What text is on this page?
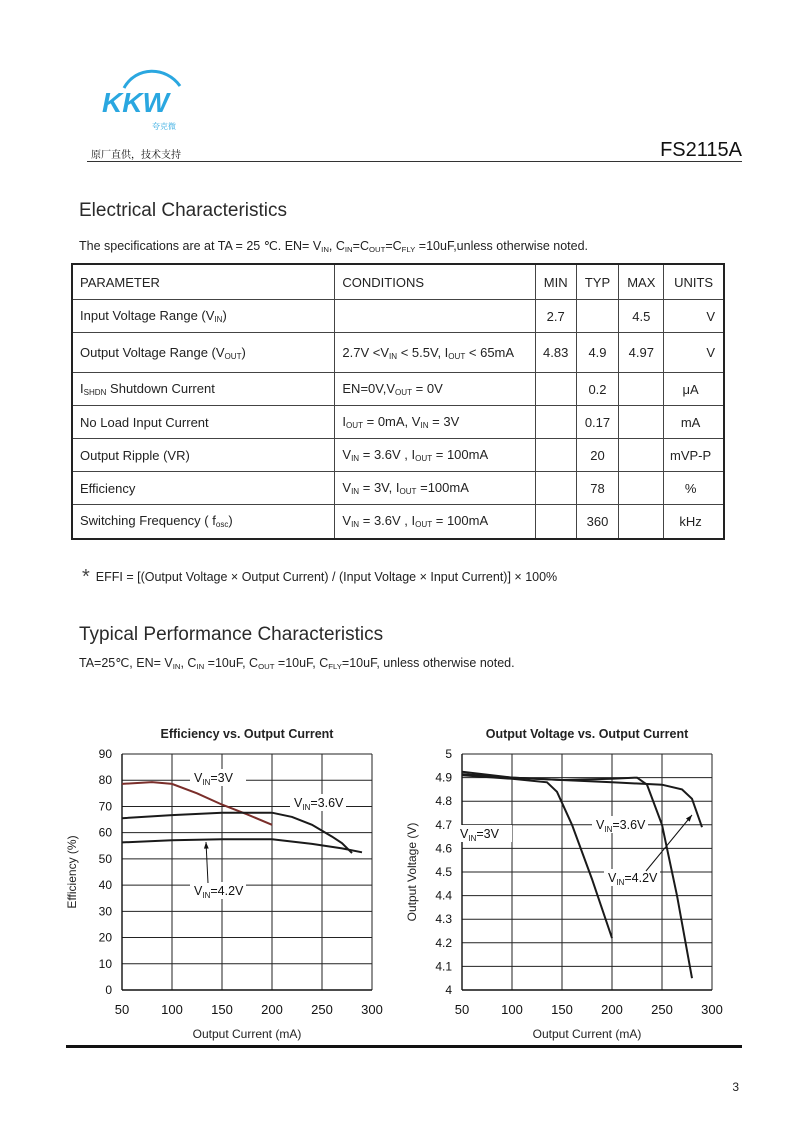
KKW
夸克微
原厂直供，技术支持	FS2115A
Electrical Characteristics
The specifications are at TA = 25 ℃. $EN= V_{IN}$, $C_{IN}=C_{OUT}=C_{FLY}$ =10uF,unless otherwise noted.
PARAMETER	CONDITIONS	MIN	TYP	MAX	UNITS
Input Voltage Range $(V_{IN})$		2.7		4.5	V
Output Voltage Range $(V_{OUT})$	$2.7V <V_{IN} < 5.5V$, $I_{OUT} < 65mA$	4.83	4.9	4.97	V
$I_{SHDN}$ Shutdown Current	$EN=0V,V_{OUT} = 0V$		0.2		μA
No Load Input Current	$I_{OUT} = 0mA$, $V_{IN} = 3V$		0.17		mA
Output Ripple (VR)	$V_{IN} = 3.6V$ , $I_{OUT} = 100mA$		20		mVP-P
Efficiency	$V_{IN} = 3V$, $I_{OUT} =100mA$		78		%
Switching Frequency ( $f_{osc}$)	$V_{IN} = 3.6V$ , $I_{OUT} = 100mA$		360		kHz
* EFFI = [(Output Voltage × Output Current) / (Input Voltage × Input Current)] × 100%
Typical Performance Characteristics
TA=25℃, $EN= V_{IN}$, $C_{IN} =10uF$, $C_{OUT} =10uF$, $C_{FLY}=10uF$, unless otherwise noted.
Efficiency vs. Output Current
0
10
20
30
40
50
60
70
80
90
50 100 150 200 250 300
Output Current (mA)
Efficiency (%)
$V_{IN}=3V$
$V_{IN}=3.6V$
$V_{IN}=4.2V$
Output Voltage vs. Output Current
4
4.1
4.2
4.3
4.4
4.5
4.6
4.7
4.8
4.9
5
50 100 150 200 250 300
Output Current (mA)
Output Voltage (V)	$V_{IN}=3V$
$V_{IN}=3.6V$
$V_{IN}=4.2V$
3
